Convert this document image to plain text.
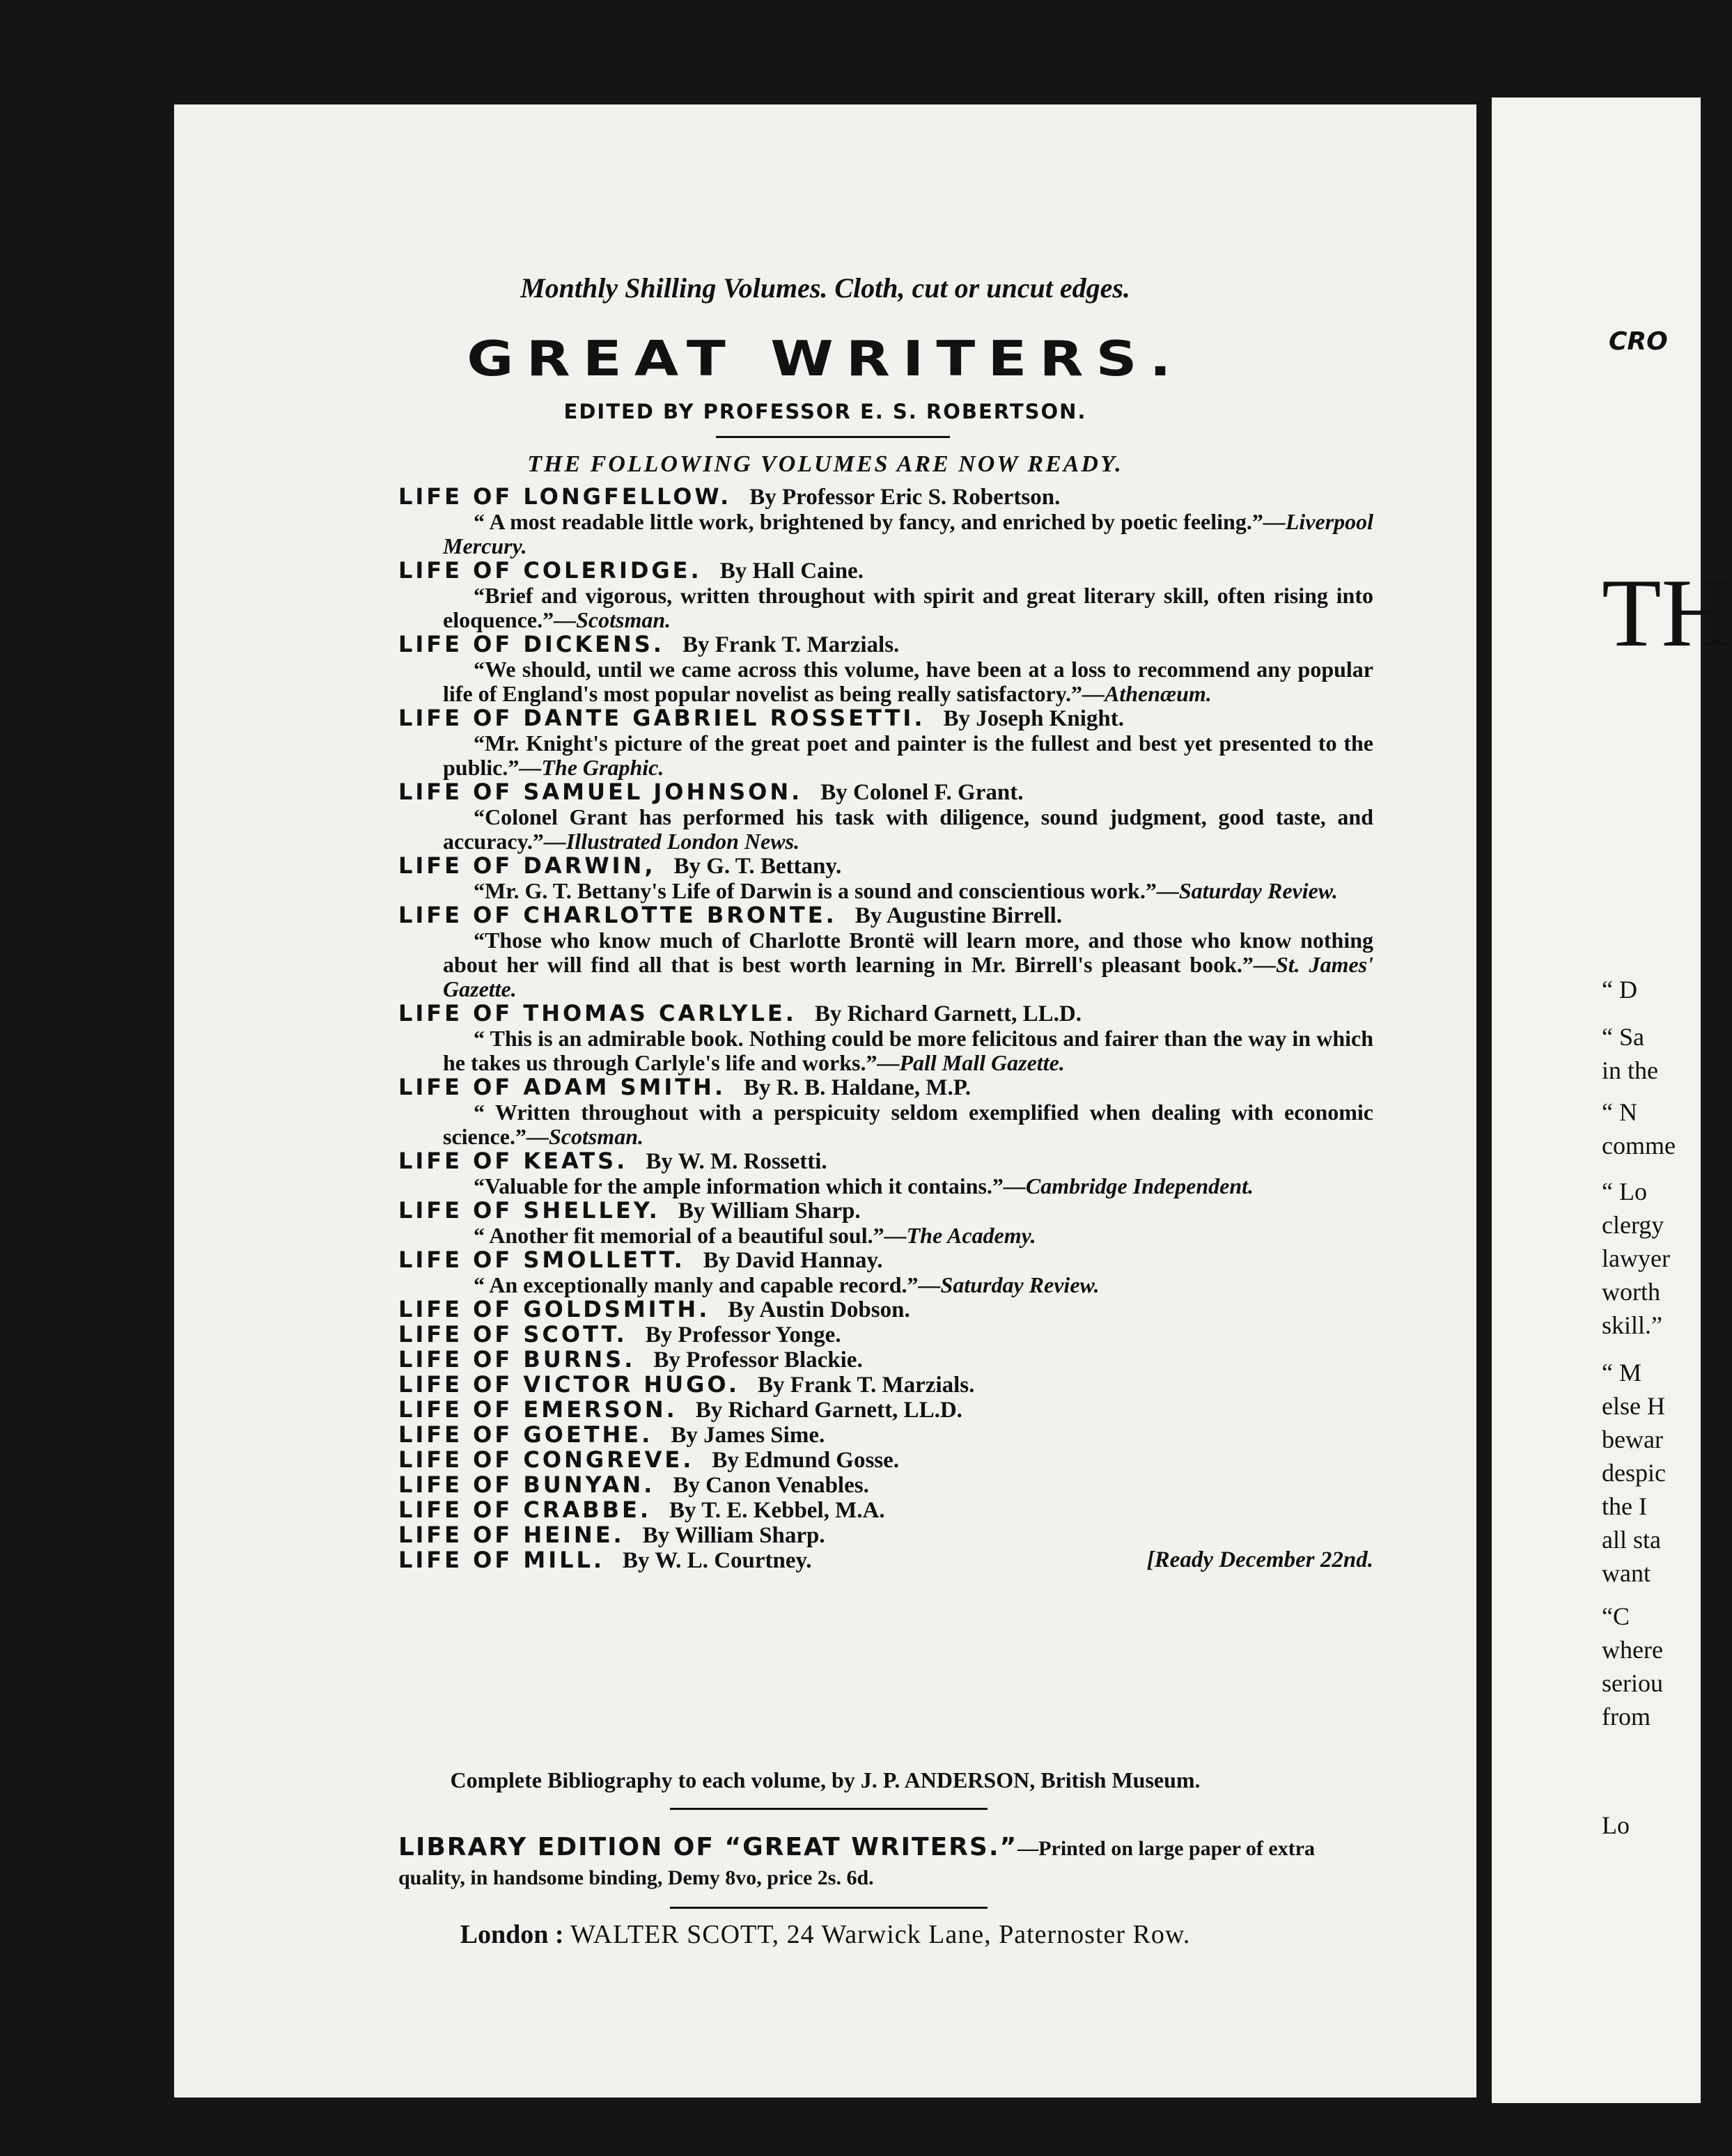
Monthly Shilling Volumes. Cloth, cut or uncut edges.
GREAT WRITERS.
EDITED BY PROFESSOR E. S. ROBERTSON.
THE FOLLOWING VOLUMES ARE NOW READY.
LIFE OF LONGFELLOW. By Professor Eric S. Robertson.
“ A most readable little work, brightened by fancy, and enriched by poetic feeling.”—Liverpool Mercury.
LIFE OF COLERIDGE. By Hall Caine.
“Brief and vigorous, written throughout with spirit and great literary skill, often rising into eloquence.”—Scotsman.
LIFE OF DICKENS. By Frank T. Marzials.
“We should, until we came across this volume, have been at a loss to recommend any popular life of England's most popular novelist as being really satisfactory.”—Athenæum.
LIFE OF DANTE GABRIEL ROSSETTI. By Joseph Knight.
“Mr. Knight's picture of the great poet and painter is the fullest and best yet presented to the public.”—The Graphic.
LIFE OF SAMUEL JOHNSON. By Colonel F. Grant.
“Colonel Grant has performed his task with diligence, sound judgment, good taste, and accuracy.”—Illustrated London News.
LIFE OF DARWIN, By G. T. Bettany.
“Mr. G. T. Bettany's Life of Darwin is a sound and conscientious work.”—Saturday Review.
LIFE OF CHARLOTTE BRONTE. By Augustine Birrell.
“Those who know much of Charlotte Brontë will learn more, and those who know nothing about her will find all that is best worth learning in Mr. Birrell's pleasant book.”—St. James' Gazette.
LIFE OF THOMAS CARLYLE. By Richard Garnett, LL.D.
“ This is an admirable book. Nothing could be more felicitous and fairer than the way in which he takes us through Carlyle's life and works.”—Pall Mall Gazette.
LIFE OF ADAM SMITH. By R. B. Haldane, M.P.
“ Written throughout with a perspicuity seldom exemplified when dealing with economic science.”—Scotsman.
LIFE OF KEATS. By W. M. Rossetti.
“Valuable for the ample information which it contains.”—Cambridge Independent.
LIFE OF SHELLEY. By William Sharp.
“ Another fit memorial of a beautiful soul.”—The Academy.
LIFE OF SMOLLETT. By David Hannay.
“ An exceptionally manly and capable record.”—Saturday Review.
LIFE OF GOLDSMITH. By Austin Dobson.
LIFE OF SCOTT. By Professor Yonge.
LIFE OF BURNS. By Professor Blackie.
LIFE OF VICTOR HUGO. By Frank T. Marzials.
LIFE OF EMERSON. By Richard Garnett, LL.D.
LIFE OF GOETHE. By James Sime.
LIFE OF CONGREVE. By Edmund Gosse.
LIFE OF BUNYAN. By Canon Venables.
LIFE OF CRABBE. By T. E. Kebbel, M.A.
LIFE OF HEINE. By William Sharp.
LIFE OF MILL. By W. L. Courtney.	[Ready December 22nd.
Complete Bibliography to each volume, by J. P. ANDERSON, British Museum.
LIBRARY EDITION OF “GREAT WRITERS.”—Printed on large paper of extra quality, in handsome binding, Demy 8vo, price 2s. 6d.
London : WALTER SCOTT, 24 Warwick Lane, Paternoster Row.
CRO
TH
“ D
“ Sa
in the
“ N
comme
“ Lo
clergy
lawyer
worth
skill.”
“ M
else H
bewar
despic
the I
all sta
want
“C
where
seriou
from
Lo
